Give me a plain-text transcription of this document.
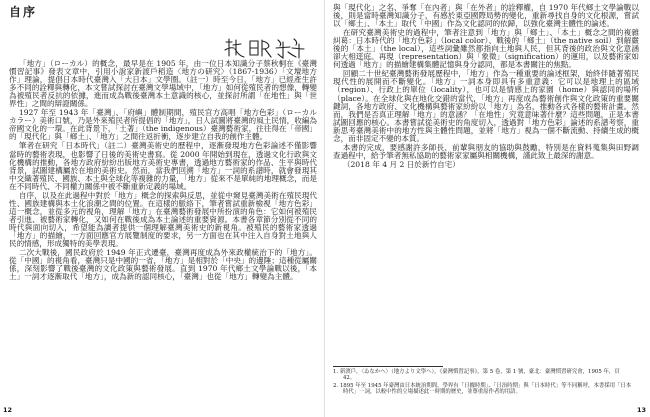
自序

「地方」（ローカル）的概念，最早是在 1905 年，由一位日本知識分子蔡秋桐在《臺灣慣習記事》發表文章中，引用小說家新渡戶稻造〈地方の研究〉（1867-1936）「文壇地方作」理論，提倡日本時代臺灣入「大日本」文學圈。（註一）時至今日，「地方」已經產生許多不同的詮釋與轉化，本文嘗試探討在臺灣文學場域中，「地方」如何從殖民者的想像，轉變為被殖民者反抗的依據，進而成為戰後臺灣本土意識的核心，並探討所謂「在地性」與「世界性」之間的辯證關係。

1927 年至 1943 年「臺灣」、「府嶼」體制期間，殖民官方高唱「地方色彩」（ローカルカラー）美術口號，乃是外來殖民者所提倡的「地方」，日人試圖將臺灣的風土民情，收編為帝國文化的一環。在此背景下，「土著」（the indigenous）臺灣藝術家，往往得在「帝國」的「現代化」與「鄉土」、「地方」之間往返折衝，逐步建立自我的創作主體。

筆者在研究「日本時代」（註二）臺灣美術史的歷程中，逐漸發現地方色彩論述不僅影響當時的藝術表現，也影響了日後的美術史書寫。從 2000 年開始到現在，透過文化行政與文化機構的推動，各地方政府紛紛出版地方美術史專書，透過地方藝術家的作品、生平與時代背景，試圖建構屬於在地的美術史。然而，當我們回溯「地方」一詞的系譜時，就會發現其中交織著殖民、國族、本土與全球化等複雜的力量，「地方」從來不是單純的地理概念，而是在不同時代、不同權力關係中被不斷重新定義的場域。

自序，以及在此過程中對於「地方」概念的探索與反思，並從中窺見臺灣美術在殖民現代性、國族建構與本土化浪潮之間的位置。在這樣的脈絡下，筆者嘗試重新檢視「地方色彩」這一概念，並從多元的視角，理解「地方」在臺灣藝術發展中所扮演的角色：它如何被殖民者引進、被藝術家轉化，又如何在戰後成為本土論述的重要資源。本書各章節分別從不同的時代與面向切入，希望能為讀者提供一個理解臺灣美術史的新視角。被殖民的藝術家透過「地方」的描繪，一方面回應官方展覽制度的要求，另一方面也在其中注入自身對土地與人民的情感，形成獨特的美學表現。

二次大戰後，國民政府於 1949 年正式遷臺，臺灣再度成為外來政權統治下的「地方」。從「中國」的視角看，臺灣只是中國的一省，「地方」是相對於「中央」的邊陲；這種從屬關係，深刻影響了戰後臺灣的文化政策與藝術發展。直到 1970 年代鄉土文學論戰以後，「本土」一詞才逐漸取代「地方」，成為新的認同核心，「臺灣」也從「地方」轉變為主體。

12

與「現代化」之名、爭奪「在內者」與「在外者」的詮釋權，自 1970 年代鄉土文學論戰以後，則是當時臺灣知識分子，有感於東亞國際局勢的變化，重新尋找自身的文化根源，嘗試以「鄉土」、「本土」取代「中國」作為文化認同的依歸，以強化臺灣主體性的論述。

在研究臺灣美術史的過程中，筆者注意到「地方」與「鄉土」、「本土」概念之間的複雜糾葛：日本時代的「地方色彩」（local color）、戰後的「鄉土」（the native soil）到解嚴後的「本土」（the local），這些詞彙雖然都指向土地與人民，但其背後的政治與文化意涵卻大相逕庭。再現（representation）與「象徵」（signification）的運用，以及藝術家如何透過「地方」的描繪建構集體記憶與身分認同，都是本書關注的焦點。

回顧二十世紀臺灣藝術發展歷程中，「地方」作為一種重要的論述框架，始終伴隨著殖民現代性的展開而不斷變化。「地方」一詞本身即具有多重意義：它可以是地理上的區域（region）、行政上的單位（locality），也可以是情感上的家園（home）與認同的場所（place）。在全球化與在地化交錯的當代，「地方」再度成為藝術創作與文化政策的重要關鍵詞，各地方政府、文化機構與藝術家紛紛以「地方」為名，推動各式各樣的藝術計畫。然而，我們是否真正理解「地方」的意涵？「在地性」究竟意味著什麼？這些問題，正是本書試圖回應的核心。本書嘗試從美術史的角度切入，透過對「地方色彩」論述的系譜考察，重新思考臺灣美術中的地方性與主體性問題，並將「地方」視為一個不斷流動、持續生成的概念，而非固定不變的本質。

本書的完成，要感謝許多師長、前輩與朋友的協助與鼓勵，特別是在資料蒐集與田野調查過程中，給予筆者無私協助的藝術家家屬與相關機構，謹此致上最深的謝意。

（2018 年 4 月 2 日於新竹自宅）

1. 新渡戶，〈ゐなかへ〉（地方より文學へ），《臺灣慣習記事》，第 5 卷，第 1 號，臺北：臺灣慣習研究會，1905 年，頁 42。

2. 1895 年至 1945 年臺灣由日本統治期間，學界有「日據時期」、「日治時期」與「日本時代」等不同稱呼，本書採用「日本時代」一詞，以較中性的立場描述此一時期的歷史，並尊重原作者的用語。

13
